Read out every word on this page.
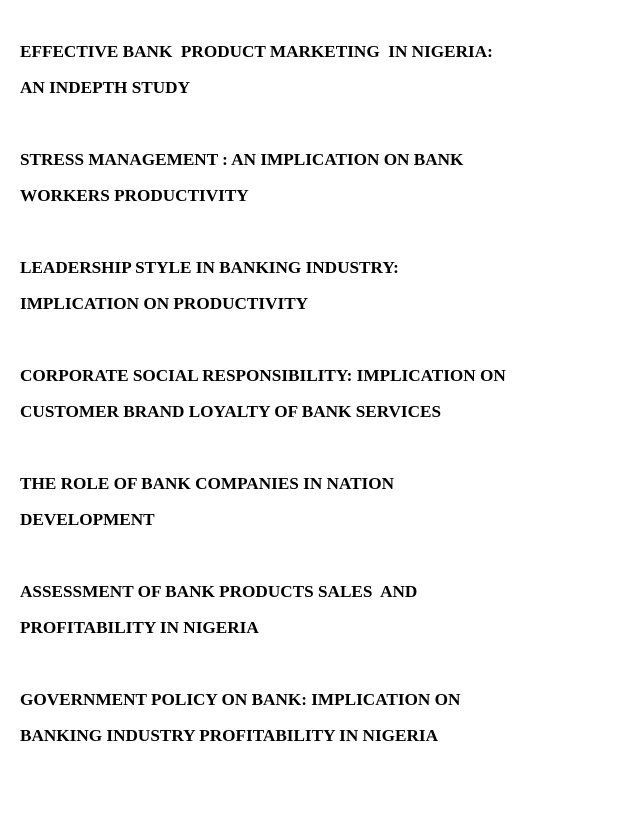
EFFECTIVE BANK  PRODUCT MARKETING  IN NIGERIA:
AN INDEPTH STUDY

STRESS MANAGEMENT : AN IMPLICATION ON BANK
WORKERS PRODUCTIVITY

LEADERSHIP STYLE IN BANKING INDUSTRY:
IMPLICATION ON PRODUCTIVITY

CORPORATE SOCIAL RESPONSIBILITY: IMPLICATION ON
CUSTOMER BRAND LOYALTY OF BANK SERVICES

THE ROLE OF BANK COMPANIES IN NATION
DEVELOPMENT

ASSESSMENT OF BANK PRODUCTS SALES  AND
PROFITABILITY IN NIGERIA

GOVERNMENT POLICY ON BANK: IMPLICATION ON
BANKING INDUSTRY PROFITABILITY IN NIGERIA
